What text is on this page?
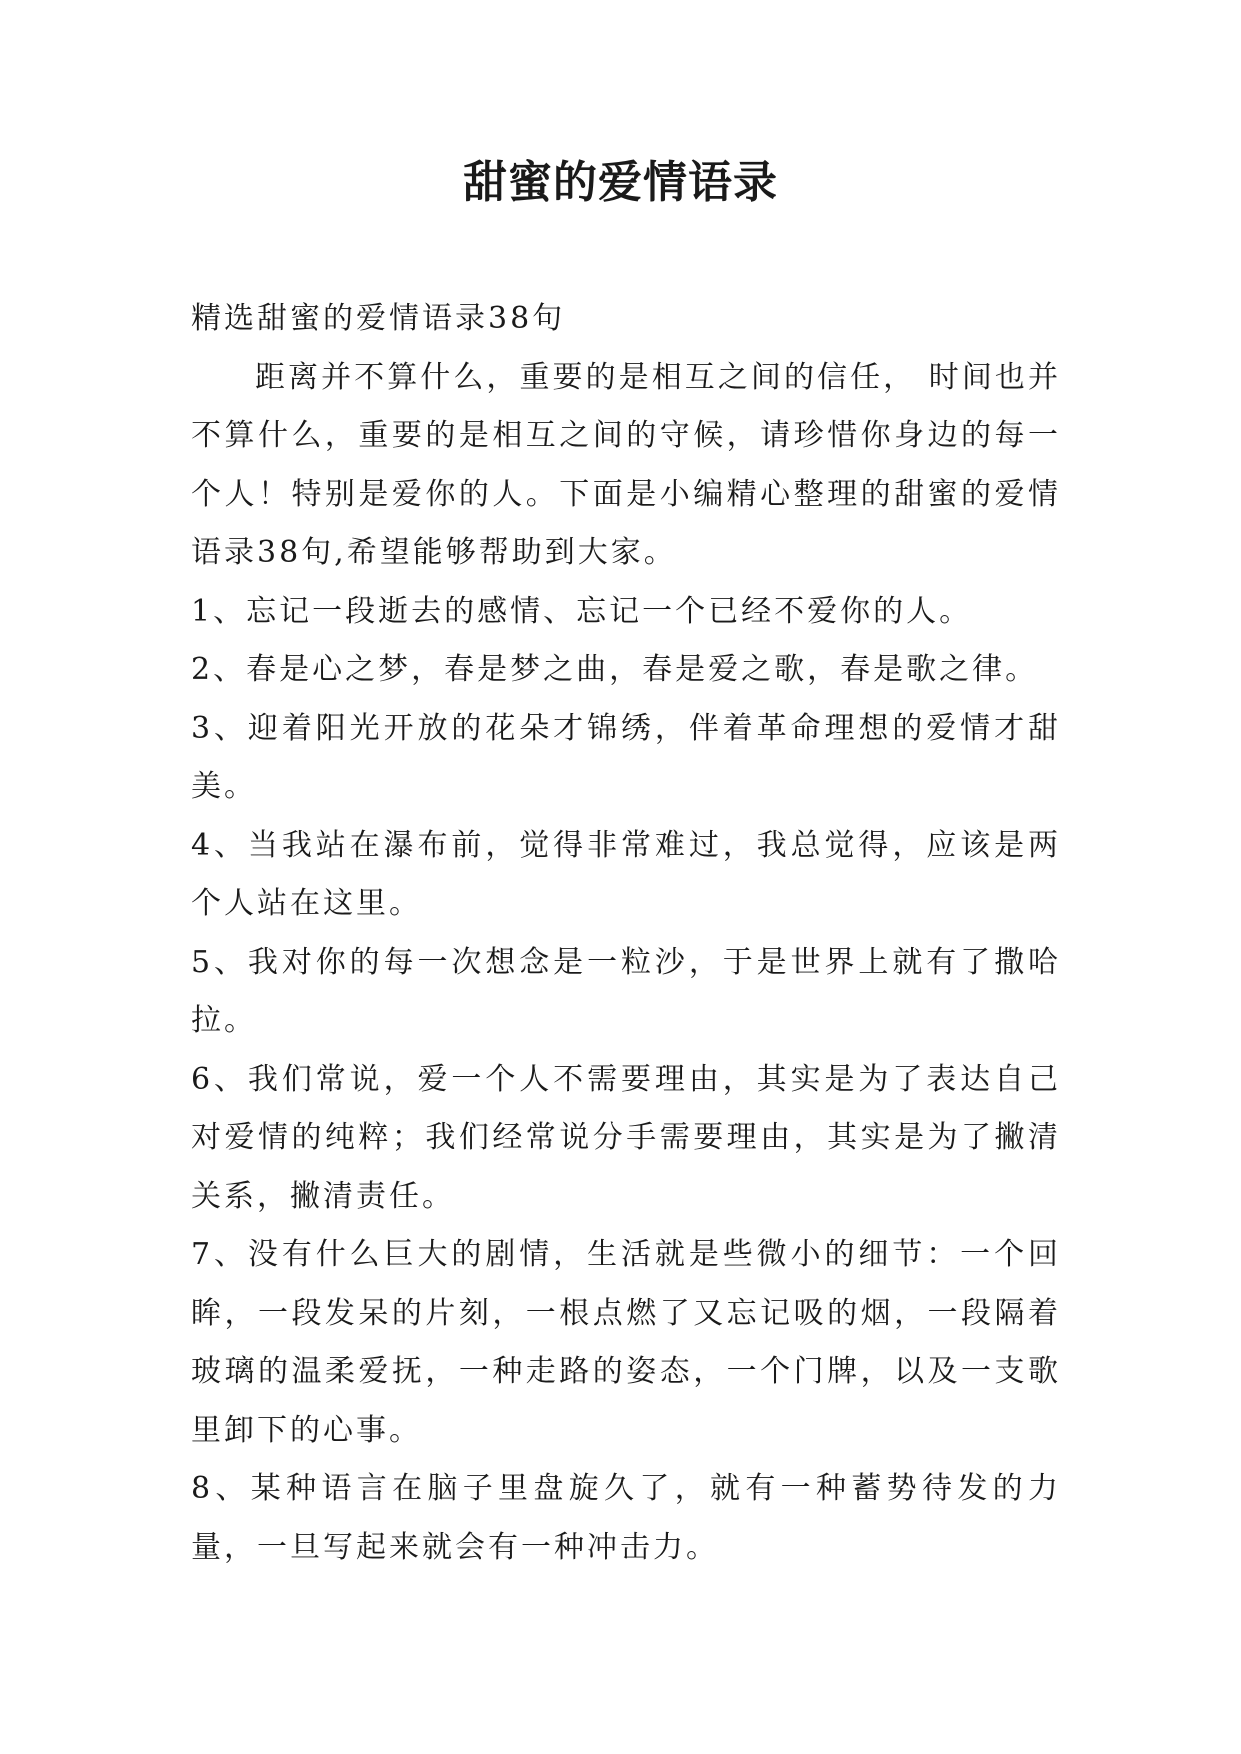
甜蜜的爱情语录

精选甜蜜的爱情语录38句

距离并不算什么，重要的是相互之间的信任， 时间也并不算什么，重要的是相互之间的守候，请珍惜你身边的每一个人！特别是爱你的人。下面是小编精心整理的甜蜜的爱情语录38句,希望能够帮助到大家。

1、忘记一段逝去的感情、忘记一个已经不爱你的人。

2、春是心之梦，春是梦之曲，春是爱之歌，春是歌之律。

3、迎着阳光开放的花朵才锦绣，伴着革命理想的爱情才甜美。

4、当我站在瀑布前，觉得非常难过，我总觉得，应该是两个人站在这里。

5、我对你的每一次想念是一粒沙，于是世界上就有了撒哈拉。

6、我们常说，爱一个人不需要理由，其实是为了表达自己对爱情的纯粹；我们经常说分手需要理由，其实是为了撇清关系，撇清责任。

7、没有什么巨大的剧情，生活就是些微小的细节：一个回眸，一段发呆的片刻，一根点燃了又忘记吸的烟，一段隔着玻璃的温柔爱抚，一种走路的姿态，一个门牌，以及一支歌里卸下的心事。

8、某种语言在脑子里盘旋久了，就有一种蓄势待发的力量，一旦写起来就会有一种冲击力。
